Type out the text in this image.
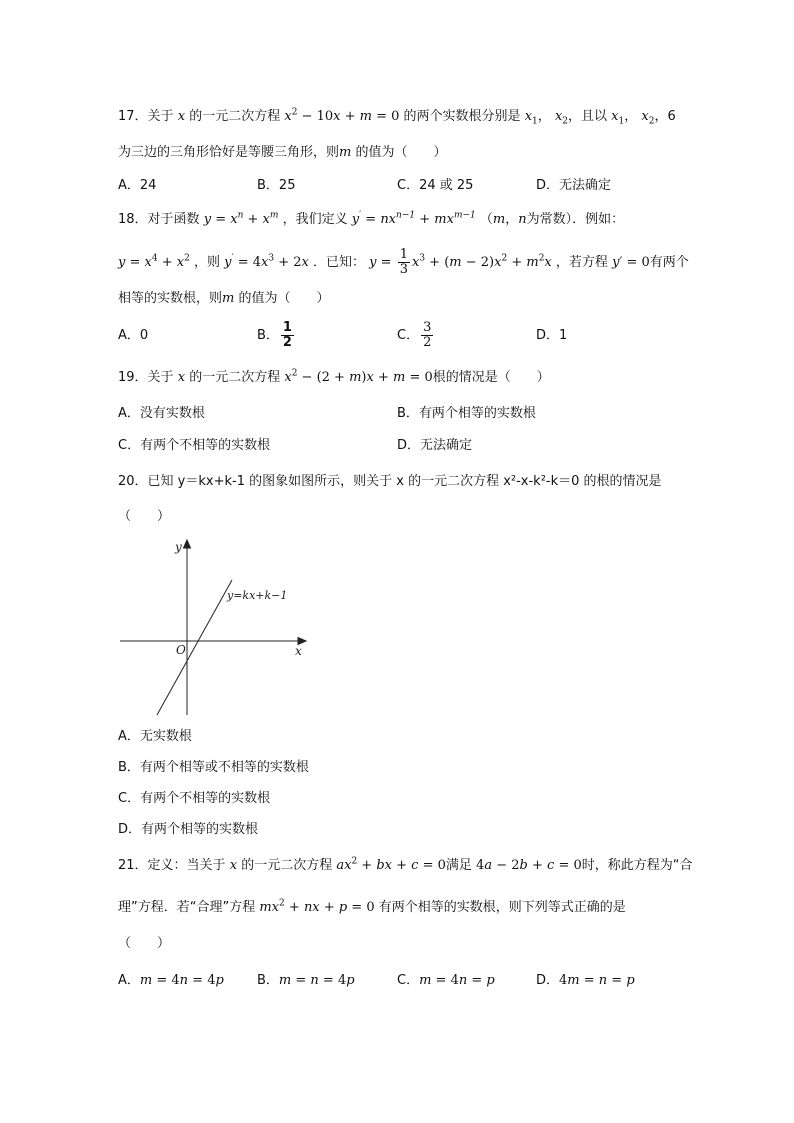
17．关于 x 的一元二次方程 $x^2 - 10x + m = 0$ 的两个实数根分别是 $x_1$， $x_2$，且以 $x_1$， $x_2$，6
为三边的三角形恰好是等腰三角形，则m 的值为（　　）
A．24	B．25	C．24 或 25	D．无法确定
18．对于函数 $y = x^n + x^m$ ，我们定义 $y' = nx^{n-1} + mx^{m-1}$ （m，n为常数）．例如：
$y = x^4 + x^2$ ，则 $y' = 4x^3 + 2x$ ．已知： $y = \frac{1}{3} x^3 + (m - 2)x^2 + m^2x$ ，若方程 y′ = 0有两个
相等的实数根，则m 的值为（　　）
A．0	B． $\frac{1}{2}$	C． $\frac{3}{2}$	D．1
19．关于 x 的一元二次方程 $x^2 - (2 + m)x + m = 0$根的情况是（　　）
A．没有实数根	B．有两个相等的实数根
C．有两个不相等的实数根	D．无法确定
20．已知 y＝kx+k-1 的图象如图所示，则关于 x 的一元二次方程 x²-x-k²-k＝0 的根的情况是
（　　）
y
x
O
y=kx+k−1
A．无实数根
B．有两个相等或不相等的实数根
C．有两个不相等的实数根
D．有两个相等的实数根
21．定义：当关于 x 的一元二次方程 $ax^2$ + bx + c = 0满足 4a − 2b + c = 0时，称此方程为“合
理”方程．若“合理”方程 $mx^2$ + nx + p = 0 有两个相等的实数根，则下列等式正确的是
（　　）
A．m = 4n = 4p	B．m = n = 4p	C．m = 4n = p	D．4m = n = p
